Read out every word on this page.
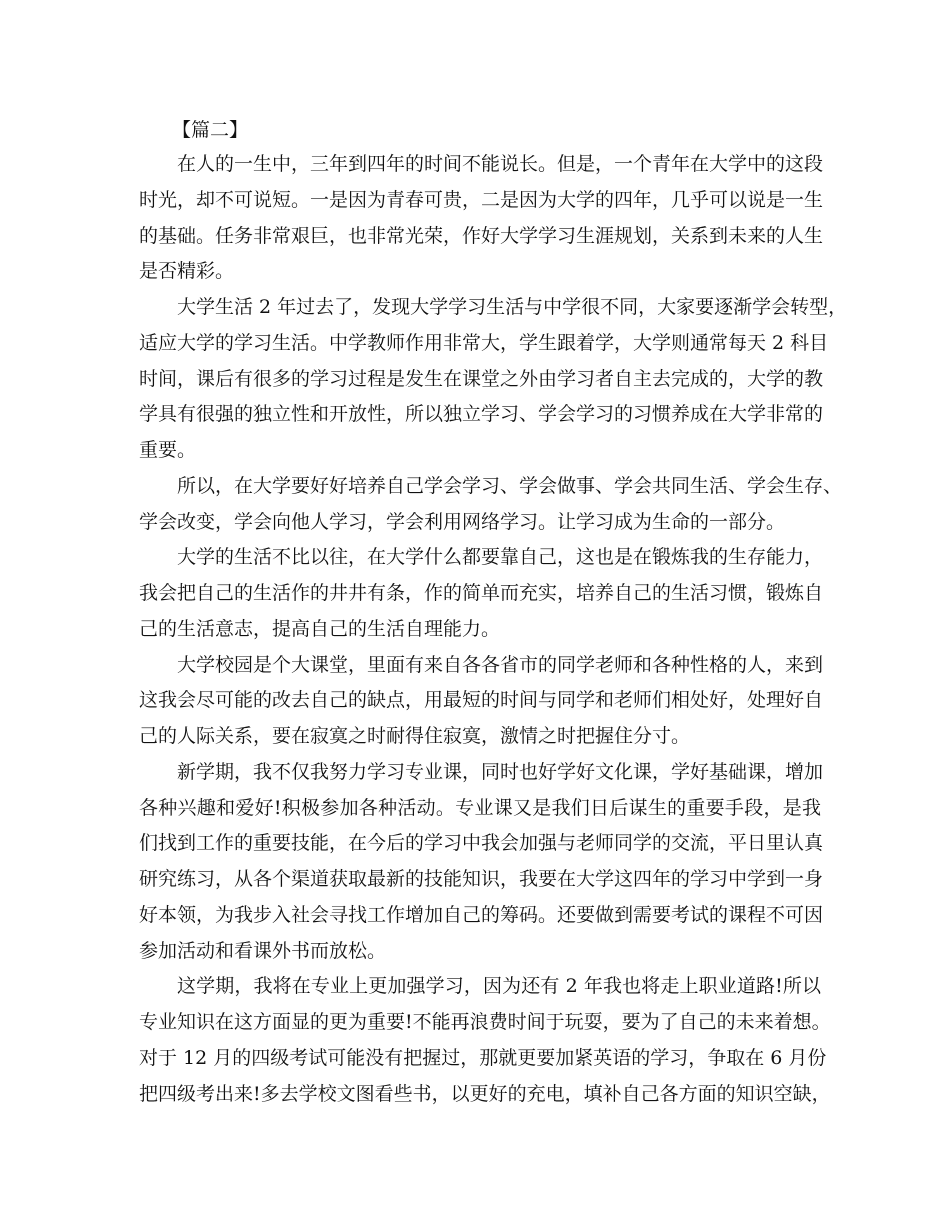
【篇二】
在人的一生中，三年到四年的时间不能说长。但是，一个青年在大学中的这段
时光，却不可说短。一是因为青春可贵，二是因为大学的四年，几乎可以说是一生
的基础。任务非常艰巨，也非常光荣，作好大学学习生涯规划，关系到未来的人生
是否精彩。
大学生活 2 年过去了，发现大学学习生活与中学很不同，大家要逐渐学会转型，
适应大学的学习生活。中学教师作用非常大，学生跟着学，大学则通常每天 2 科目
时间，课后有很多的学习过程是发生在课堂之外由学习者自主去完成的，大学的教
学具有很强的独立性和开放性，所以独立学习、学会学习的习惯养成在大学非常的
重要。
所以，在大学要好好培养自己学会学习、学会做事、学会共同生活、学会生存、
学会改变，学会向他人学习，学会利用网络学习。让学习成为生命的一部分。
大学的生活不比以往，在大学什么都要靠自己，这也是在锻炼我的生存能力，
我会把自己的生活作的井井有条，作的简单而充实，培养自己的生活习惯，锻炼自
己的生活意志，提高自己的生活自理能力。
大学校园是个大课堂，里面有来自各各省市的同学老师和各种性格的人，来到
这我会尽可能的改去自己的缺点，用最短的时间与同学和老师们相处好，处理好自
己的人际关系，要在寂寞之时耐得住寂寞，激情之时把握住分寸。
新学期，我不仅我努力学习专业课，同时也好学好文化课，学好基础课，增加
各种兴趣和爱好!积极参加各种活动。专业课又是我们日后谋生的重要手段，是我
们找到工作的重要技能，在今后的学习中我会加强与老师同学的交流，平日里认真
研究练习，从各个渠道获取最新的技能知识，我要在大学这四年的学习中学到一身
好本领，为我步入社会寻找工作增加自己的筹码。还要做到需要考试的课程不可因
参加活动和看课外书而放松。
这学期，我将在专业上更加强学习，因为还有 2 年我也将走上职业道路!所以
专业知识在这方面显的更为重要!不能再浪费时间于玩耍，要为了自己的未来着想。
对于 12 月的四级考试可能没有把握过，那就更要加紧英语的学习，争取在 6 月份
把四级考出来!多去学校文图看些书，以更好的充电，填补自己各方面的知识空缺，
